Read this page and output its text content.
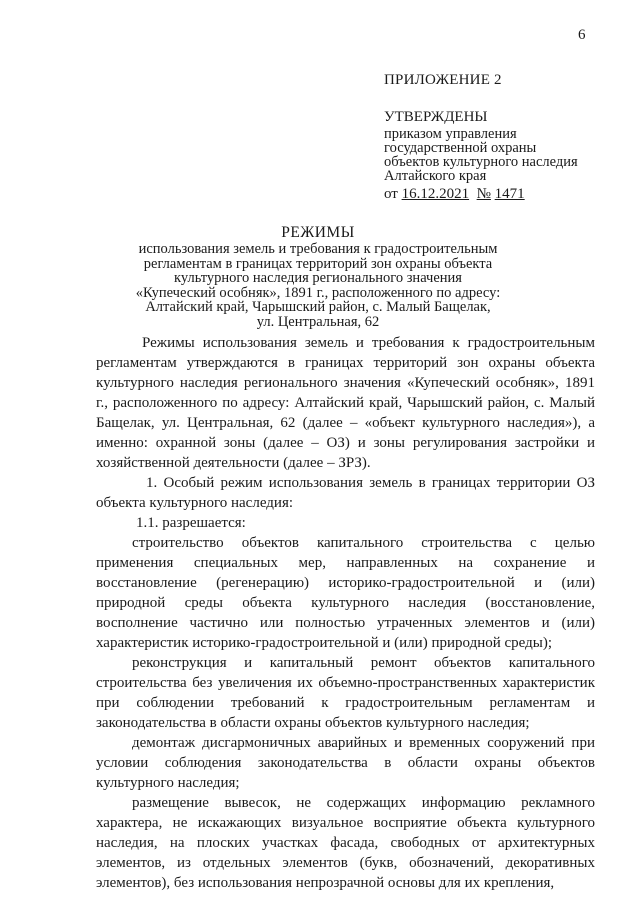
6
ПРИЛОЖЕНИЕ 2
УТВЕРЖДЕНЫ
приказом управления
государственной охраны
объектов культурного наследия
Алтайского края
от 16.12.2021 № 1471
РЕЖИМЫ
использования земель и требования к градостроительным
регламентам в границах территорий зон охраны объекта
культурного наследия регионального значения
«Купеческий особняк», 1891 г., расположенного по адресу:
Алтайский край, Чарышский район, с. Малый Бащелак,
ул. Центральная, 62

Режимы использования земель и требования к градостроительным регламентам утверждаются в границах территорий зон охраны объекта культурного наследия регионального значения «Купеческий особняк», 1891 г., расположенного по адресу: Алтайский край, Чарышский район, с. Малый Бащелак, ул. Центральная, 62 (далее – «объект культурного наследия»), а именно: охранной зоны (далее – ОЗ) и зоны регулирования застройки и хозяйственной деятельности (далее – ЗРЗ).

1. Особый режим использования земель в границах территории ОЗ объекта культурного наследия:

1.1. разрешается:

строительство объектов капитального строительства с целью применения специальных мер, направленных на сохранение и восстановление (регенерацию) историко-градостроительной и (или) природной среды объекта культурного наследия (восстановление, восполнение частично или полностью утраченных элементов и (или) характеристик историко-градостроительной и (или) природной среды);

реконструкция и капитальный ремонт объектов капитального строительства без увеличения их объемно-пространственных характеристик при соблюдении требований к градостроительным регламентам и законодательства в области охраны объектов культурного наследия;

демонтаж дисгармоничных аварийных и временных сооружений при условии соблюдения законодательства в области охраны объектов культурного наследия;

размещение вывесок, не содержащих информацию рекламного характера, не искажающих визуальное восприятие объекта культурного наследия, на плоских участках фасада, свободных от архитектурных элементов, из отдельных элементов (букв, обозначений, декоративных элементов), без использования непрозрачной основы для их крепления,
